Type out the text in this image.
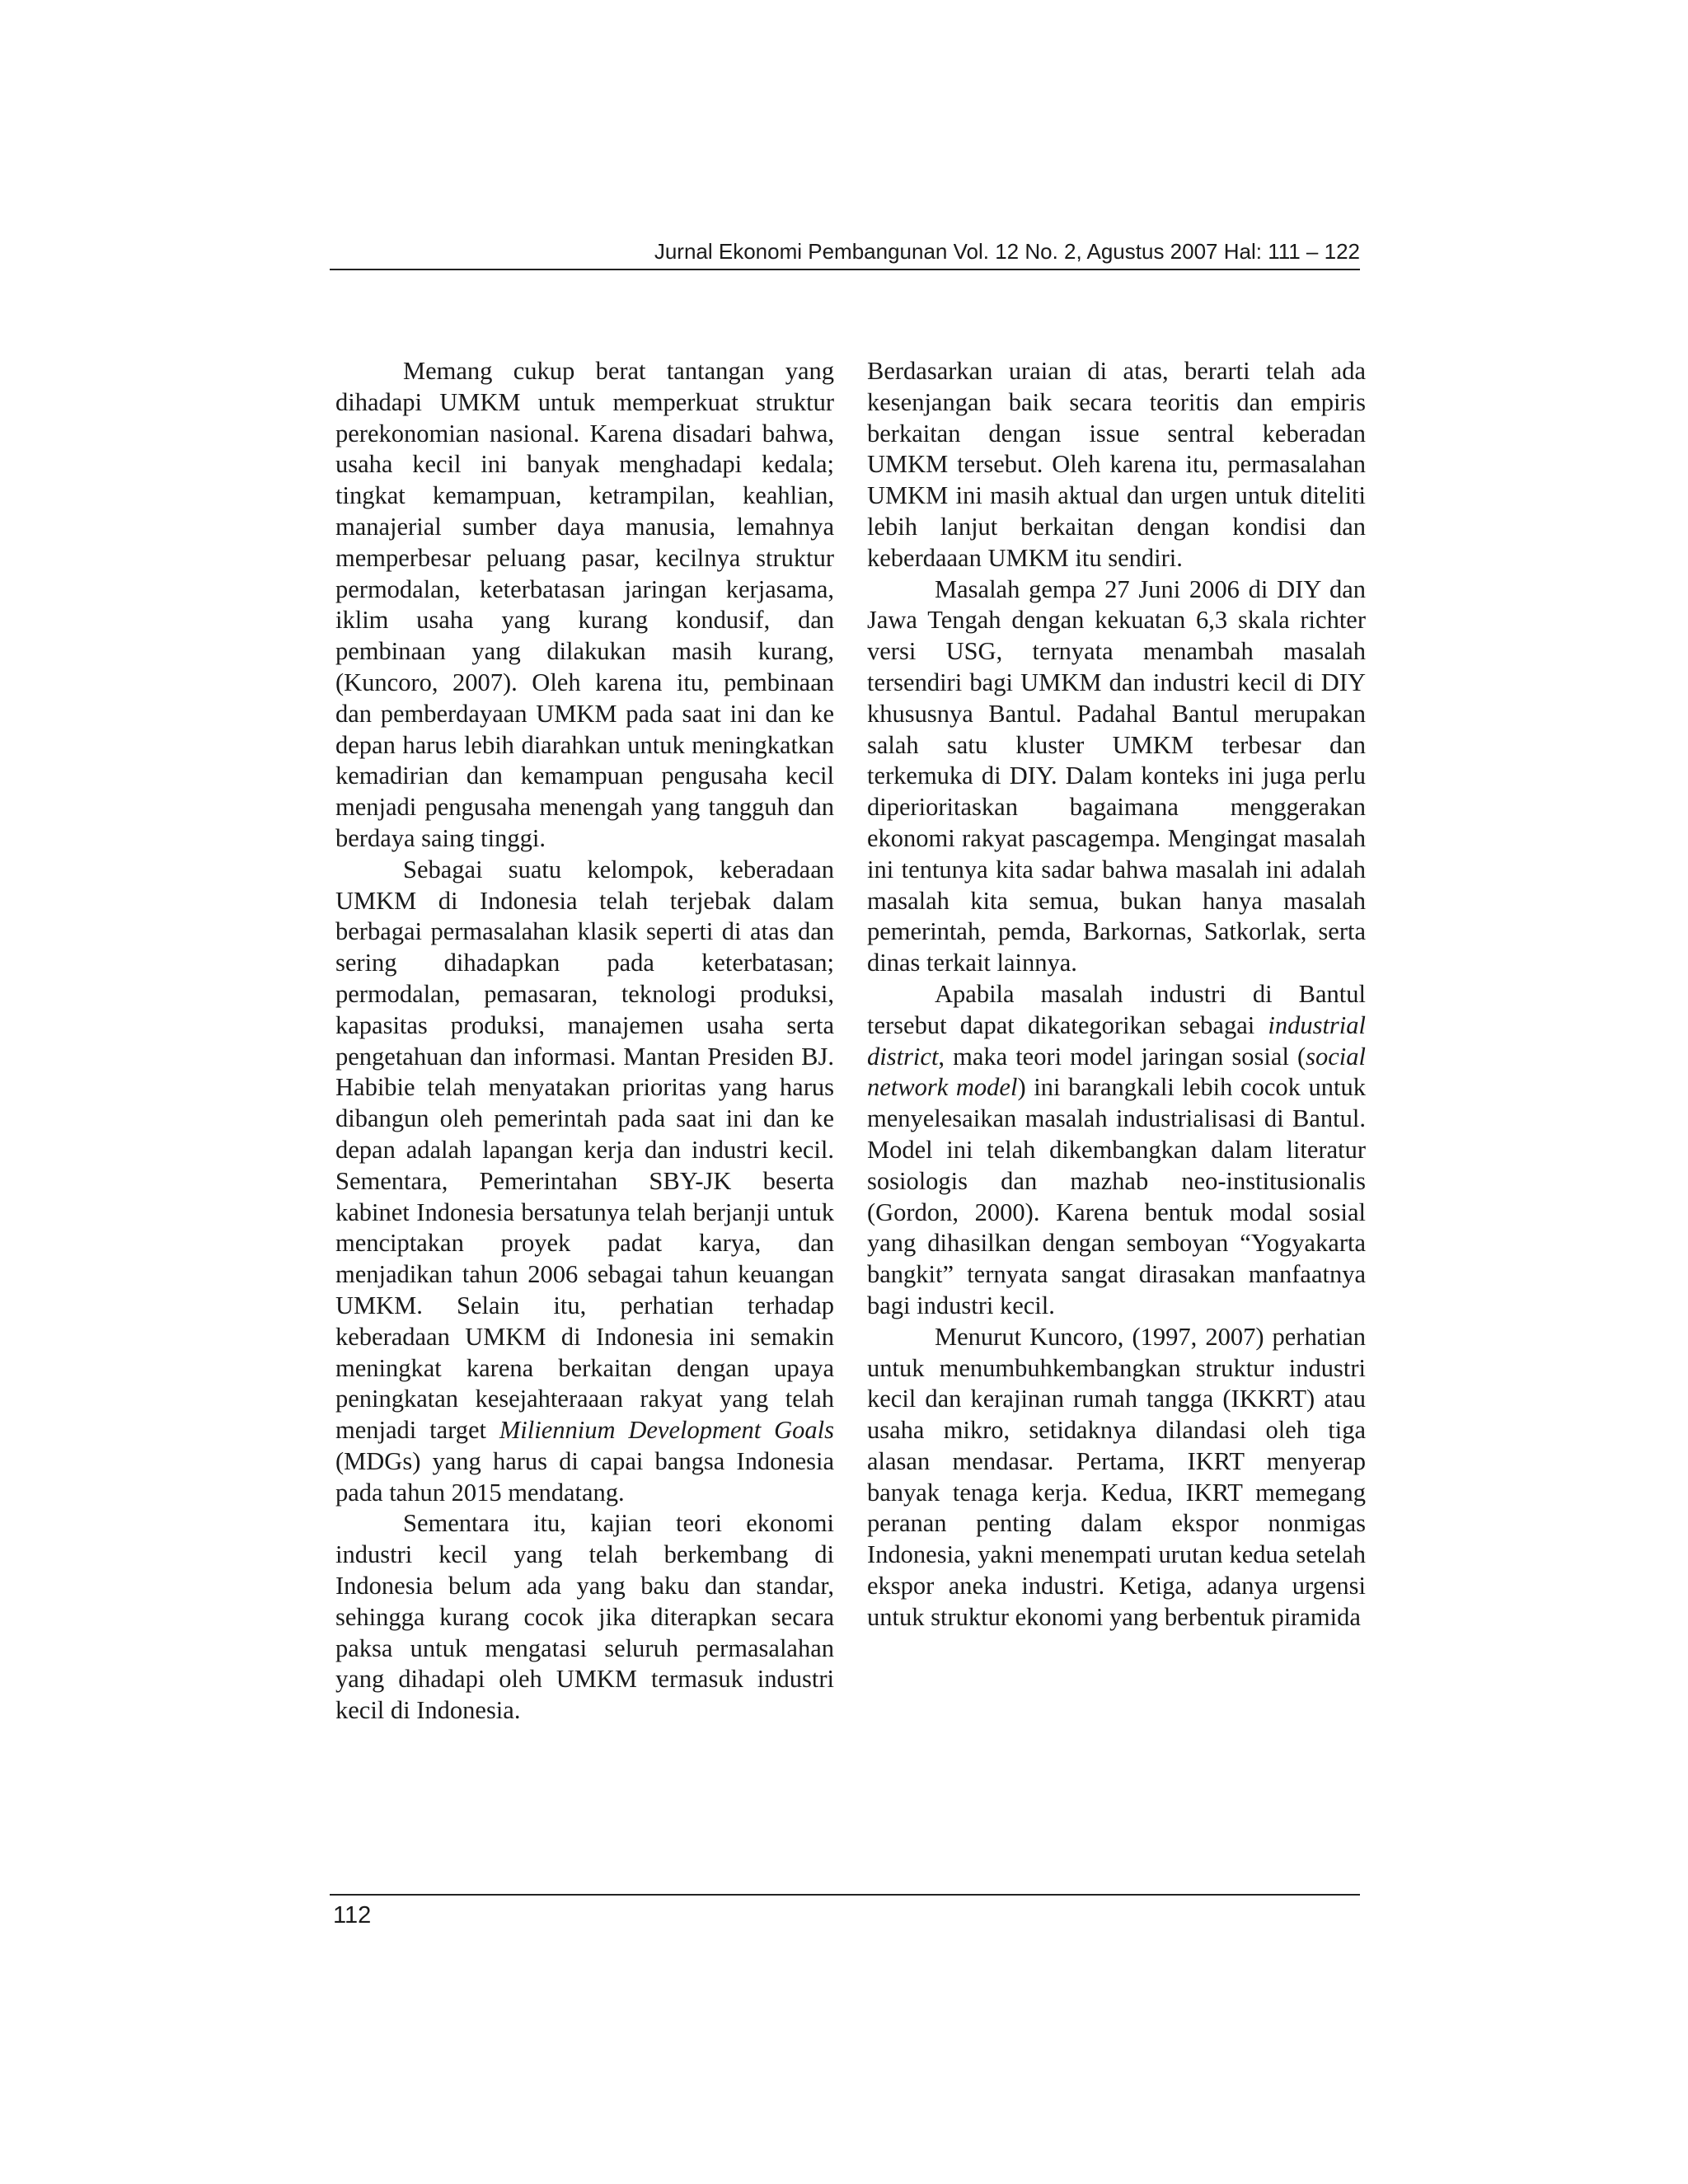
Jurnal Ekonomi Pembangunan Vol. 12 No. 2, Agustus 2007 Hal: 111 – 122

Memang cukup berat tantangan yang dihadapi UMKM untuk memperkuat struktur perekonomian nasional. Karena disadari bahwa, usaha kecil ini banyak menghadapi kedala; tingkat kemampuan, ketrampilan, keahlian, manajerial sumber daya manusia, lemahnya memperbesar peluang pasar, kecilnya struktur permodalan, keterbatasan jaringan kerjasama, iklim usaha yang kurang kondusif, dan pembinaan yang dilakukan masih kurang, (Kuncoro, 2007). Oleh karena itu, pembinaan dan pemberdayaan UMKM pada saat ini dan ke depan harus lebih diarahkan untuk meningkatkan kemadirian dan kemampuan pengusaha kecil menjadi pengusaha menengah yang tangguh dan berdaya saing tinggi.

Sebagai suatu kelompok, keberadaan UMKM di Indonesia telah terjebak dalam berbagai permasalahan klasik seperti di atas dan sering dihadapkan pada keterbatasan; permodalan, pemasaran, teknologi produksi, kapasitas produksi, manajemen usaha serta pengetahuan dan informasi. Mantan Presiden BJ. Habibie telah menyatakan prioritas yang harus dibangun oleh pemerintah pada saat ini dan ke depan adalah lapangan kerja dan industri kecil. Sementara, Pemerintahan SBY-JK beserta kabinet Indonesia bersatunya telah berjanji untuk menciptakan proyek padat karya, dan menjadikan tahun 2006 sebagai tahun keuangan UMKM. Selain itu, perhatian terhadap keberadaan UMKM di Indonesia ini semakin meningkat karena berkaitan dengan upaya peningkatan kesejahteraaan rakyat yang telah menjadi target Miliennium Development Goals (MDGs) yang harus di capai bangsa Indonesia pada tahun 2015 mendatang.

Sementara itu, kajian teori ekonomi industri kecil yang telah berkembang di Indonesia belum ada yang baku dan standar, sehingga kurang cocok jika diterapkan secara paksa untuk mengatasi seluruh permasalahan yang dihadapi oleh UMKM termasuk industri kecil di Indonesia.

Berdasarkan uraian di atas, berarti telah ada kesenjangan baik secara teoritis dan empiris berkaitan dengan issue sentral keberadan UMKM tersebut. Oleh karena itu, permasalahan UMKM ini masih aktual dan urgen untuk diteliti lebih lanjut berkaitan dengan kondisi dan keberdaaan UMKM itu sendiri.

Masalah gempa 27 Juni 2006 di DIY dan Jawa Tengah dengan kekuatan 6,3 skala richter versi USG, ternyata menambah masalah tersendiri bagi UMKM dan industri kecil di DIY khususnya Bantul. Padahal Bantul merupakan salah satu kluster UMKM terbesar dan terkemuka di DIY. Dalam konteks ini juga perlu diperioritaskan bagaimana menggerakan ekonomi rakyat pascagempa. Mengingat masalah ini tentunya kita sadar bahwa masalah ini adalah masalah kita semua, bukan hanya masalah pemerintah, pemda, Barkornas, Satkorlak, serta dinas terkait lainnya.

Apabila masalah industri di Bantul tersebut dapat dikategorikan sebagai industrial district, maka teori model jaringan sosial (social network model) ini barangkali lebih cocok untuk menyelesaikan masalah industrialisasi di Bantul. Model ini telah dikembangkan dalam literatur sosiologis dan mazhab neo-institusionalis (Gordon, 2000). Karena bentuk modal sosial yang dihasilkan dengan semboyan “Yogyakarta bangkit” ternyata sangat dirasakan manfaatnya bagi industri kecil.

Menurut Kuncoro, (1997, 2007) perhatian untuk menumbuhkembangkan struktur industri kecil dan kerajinan rumah tangga (IKKRT) atau usaha mikro, setidaknya dilandasi oleh tiga alasan mendasar. Pertama, IKRT menyerap banyak tenaga kerja. Kedua, IKRT memegang peranan penting dalam ekspor nonmigas Indonesia, yakni menempati urutan kedua setelah ekspor aneka industri. Ketiga, adanya urgensi untuk struktur ekonomi yang berbentuk piramida

112
